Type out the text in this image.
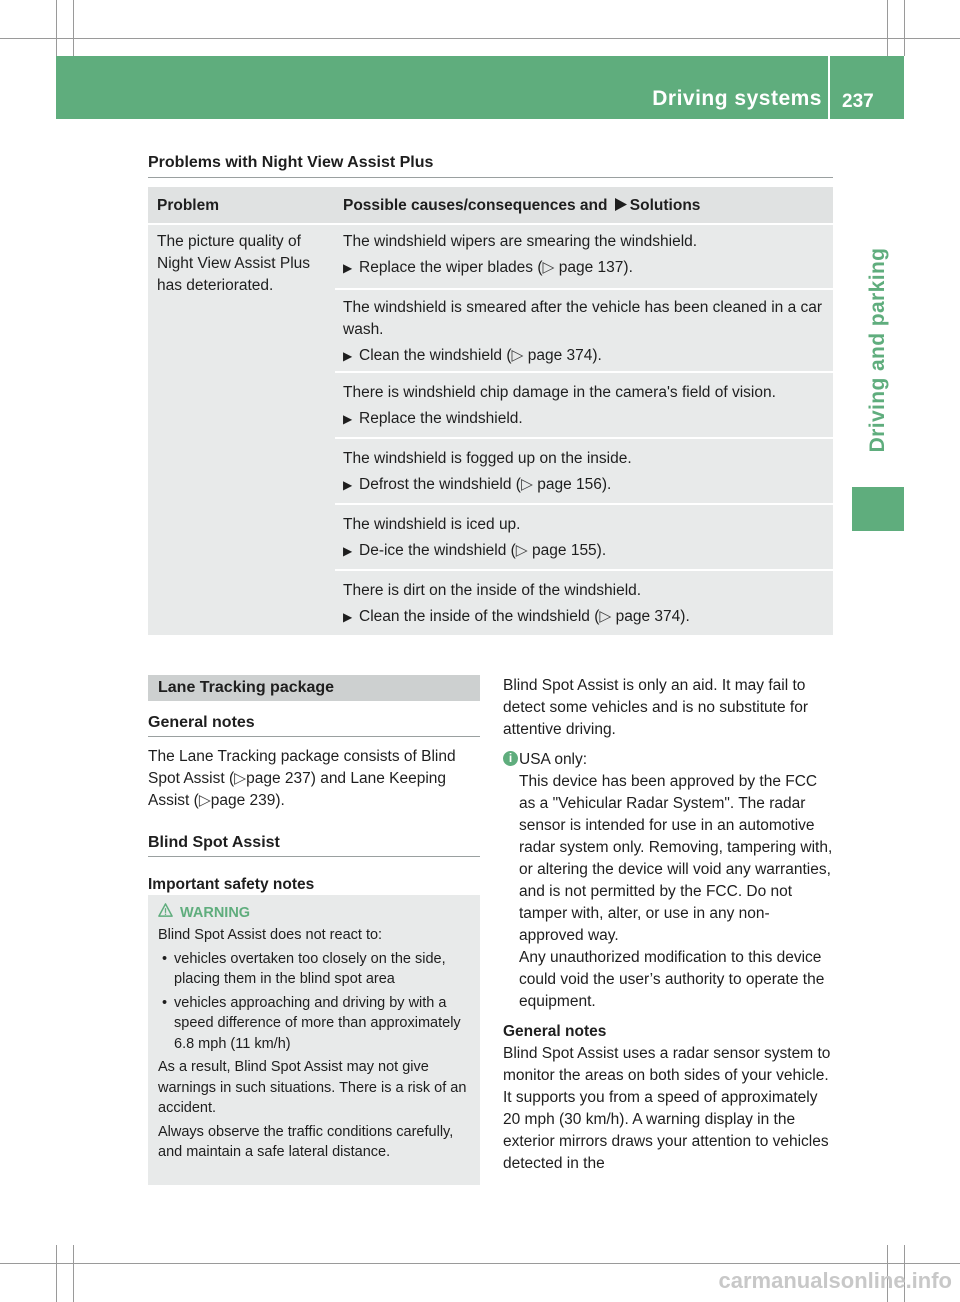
Driving systems 237
Driving and parking
Problems with Night View Assist Plus
Problem	Possible causes/consequences and Solutions
The picture quality of Night View Assist Plus has deteriorated.
The windshield wipers are smearing the windshield.
▶ Replace the wiper blades (▷ page 137).
The windshield is smeared after the vehicle has been cleaned in a car wash.
▶ Clean the windshield (▷ page 374).
There is windshield chip damage in the camera's field of vision.
▶ Replace the windshield.
The windshield is fogged up on the inside.
▶ Defrost the windshield (▷ page 156).
The windshield is iced up.
▶ De-ice the windshield (▷ page 155).
There is dirt on the inside of the windshield.
▶ Clean the inside of the windshield (▷ page 374).
Lane Tracking package
General notes
The Lane Tracking package consists of Blind Spot Assist (▷page 237) and Lane Keeping Assist (▷page 239).
Blind Spot Assist
Important safety notes
WARNING
Blind Spot Assist does not react to:
• vehicles overtaken too closely on the side, placing them in the blind spot area
• vehicles approaching and driving by with a speed difference of more than approximately 6.8 mph (11 km/h)
As a result, Blind Spot Assist may not give warnings in such situations. There is a risk of an accident.
Always observe the traffic conditions carefully, and maintain a safe lateral distance.
Blind Spot Assist is only an aid. It may fail to detect some vehicles and is no substitute for attentive driving.
i USA only:
This device has been approved by the FCC as a "Vehicular Radar System". The radar sensor is intended for use in an automotive radar system only. Removing, tampering with, or altering the device will void any warranties, and is not permitted by the FCC. Do not tamper with, alter, or use in any non-approved way.
Any unauthorized modification to this device could void the user’s authority to operate the equipment.
General notes
Blind Spot Assist uses a radar sensor system to monitor the areas on both sides of your vehicle. It supports you from a speed of approximately 20 mph (30 km/h). A warning display in the exterior mirrors draws your attention to vehicles detected in the
carmanualsonline.info
